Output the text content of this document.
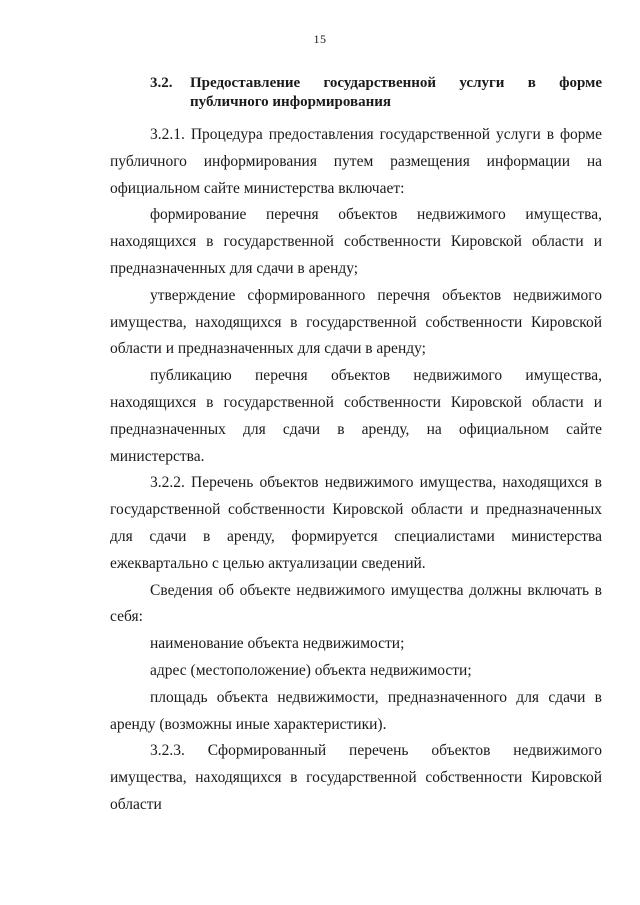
15
3.2. Предоставление государственной услуги в форме
публичного информирования

3.2.1. Процедура предоставления государственной услуги в форме публичного информирования путем размещения информации на официальном сайте министерства включает:

формирование перечня объектов недвижимого имущества, находящихся в государственной собственности Кировской области и предназначенных для сдачи в аренду;

утверждение сформированного перечня объектов недвижимого имущества, находящихся в государственной собственности Кировской области и предназначенных для сдачи в аренду;

публикацию перечня объектов недвижимого имущества, находящихся в государственной собственности Кировской области и предназначенных для сдачи в аренду, на официальном сайте министерства.

3.2.2. Перечень объектов недвижимого имущества, находящихся в государственной собственности Кировской области и предназначенных для сдачи в аренду, формируется специалистами министерства ежеквартально с целью актуализации сведений.

Сведения об объекте недвижимого имущества должны включать в себя:

наименование объекта недвижимости;

адрес (местоположение) объекта недвижимости;

площадь объекта недвижимости, предназначенного для сдачи в аренду (возможны иные характеристики).

3.2.3. Сформированный перечень объектов недвижимого имущества, находящихся в государственной собственности Кировской области
